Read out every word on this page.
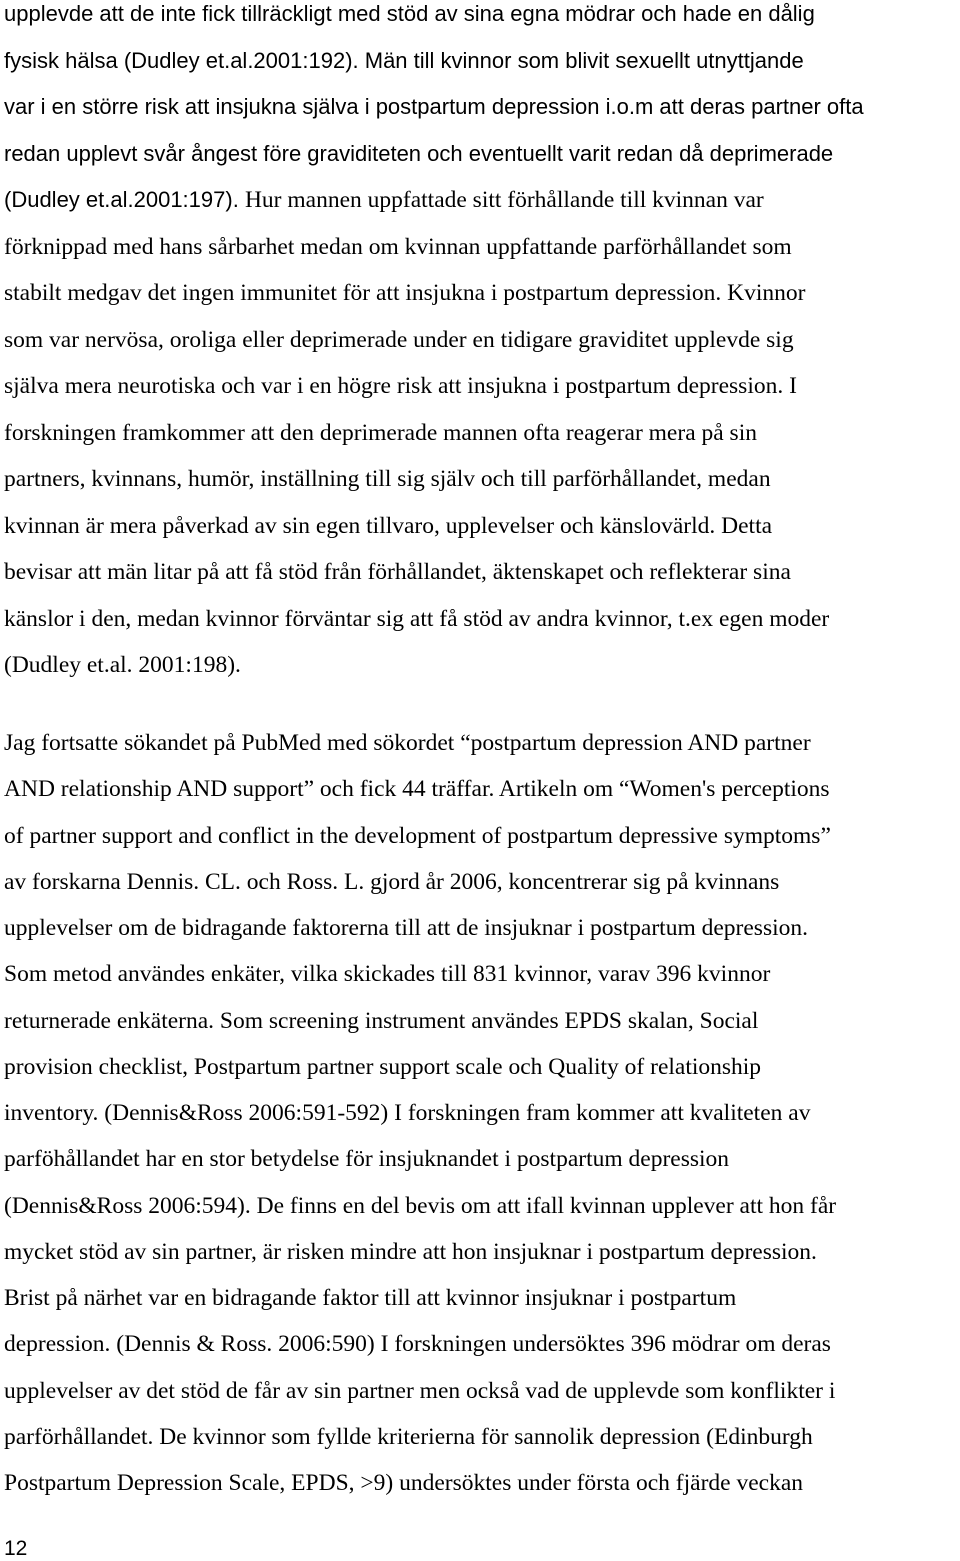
upplevde att de inte fick tillräckligt med stöd av sina egna mödrar och hade en dålig
fysisk hälsa (Dudley et.al.2001:192). Män till kvinnor som blivit sexuellt utnyttjande
var i en större risk att insjukna själva i postpartum depression i.o.m att deras partner ofta
redan upplevt svår ångest före graviditeten och eventuellt varit redan då deprimerade
(Dudley et.al.2001:197). Hur mannen uppfattade sitt förhållande till kvinnan var
förknippad med hans sårbarhet medan om kvinnan uppfattande parförhållandet som
stabilt medgav det ingen immunitet för att insjukna i postpartum depression. Kvinnor
som var nervösa, oroliga eller deprimerade under en tidigare graviditet upplevde sig
själva mera neurotiska och var i en högre risk att insjukna i postpartum depression. I
forskningen framkommer att den deprimerade mannen ofta reagerar mera på sin
partners, kvinnans, humör, inställning till sig själv och till parförhållandet, medan
kvinnan är mera påverkad av sin egen tillvaro, upplevelser och känslovärld. Detta
bevisar att män litar på att få stöd från förhållandet, äktenskapet och reflekterar sina
känslor i den, medan kvinnor förväntar sig att få stöd av andra kvinnor, t.ex egen moder
(Dudley et.al. 2001:198).
Jag fortsatte sökandet på PubMed med sökordet “postpartum depression AND partner
AND relationship AND support” och fick 44 träffar. Artikeln om “Women's perceptions
of partner support and conflict in the development of postpartum depressive symptoms”
av forskarna Dennis. CL. och Ross. L. gjord år 2006, koncentrerar sig på kvinnans
upplevelser om de bidragande faktorerna till att de insjuknar i postpartum depression.
Som metod användes enkäter, vilka skickades till 831 kvinnor, varav 396 kvinnor
returnerade enkäterna. Som screening instrument användes EPDS skalan, Social
provision checklist, Postpartum partner support scale och Quality of relationship
inventory. (Dennis&Ross 2006:591-592) I forskningen fram kommer att kvaliteten av
parföhållandet har en stor betydelse för insjuknandet i postpartum depression
(Dennis&Ross 2006:594). De finns en del bevis om att ifall kvinnan upplever att hon får
mycket stöd av sin partner, är risken mindre att hon insjuknar i postpartum depression.
Brist på närhet var en bidragande faktor till att kvinnor insjuknar i postpartum
depression. (Dennis & Ross. 2006:590) I forskningen undersöktes 396 mödrar om deras
upplevelser av det stöd de får av sin partner men också vad de upplevde som konflikter i
parförhållandet. De kvinnor som fyllde kriterierna för sannolik depression (Edinburgh
Postpartum Depression Scale, EPDS, >9) undersöktes under första och fjärde veckan
12
